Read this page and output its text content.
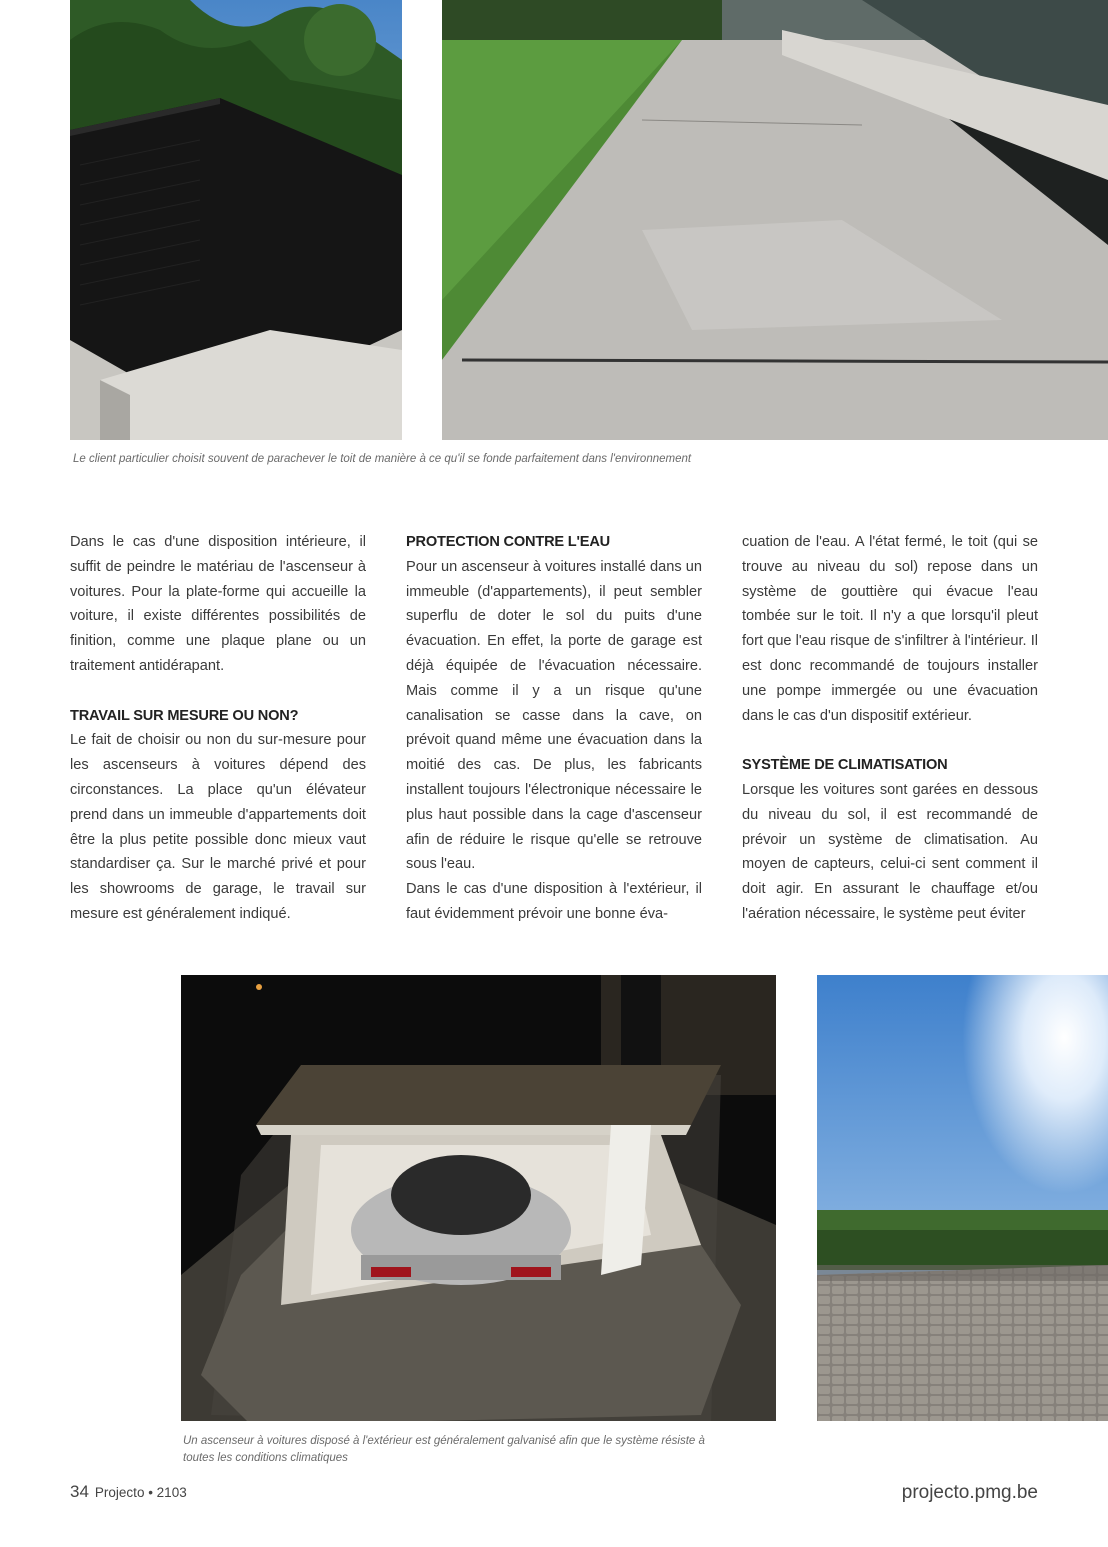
Le client particulier choisit souvent de parachever le toit de manière à ce qu'il se fonde parfaitement dans l'environnement

Dans le cas d'une disposition intérieure, il suffit de peindre le matériau de l'ascenseur à voitures. Pour la plate-forme qui accueille la voiture, il existe différentes possibilités de finition, comme une plaque plane ou un traitement antidérapant.

TRAVAIL SUR MESURE OU NON?

Le fait de choisir ou non du sur-mesure pour les ascenseurs à voitures dépend des circonstances. La place qu'un élévateur prend dans un immeuble d'appartements doit être la plus petite possible donc mieux vaut standardiser ça. Sur le marché privé et pour les showrooms de garage, le travail sur mesure est généralement indiqué.

PROTECTION CONTRE L'EAU

Pour un ascenseur à voitures installé dans un immeuble (d'appartements), il peut sembler superflu de doter le sol du puits d'une évacuation. En effet, la porte de garage est déjà équipée de l'évacuation nécessaire. Mais comme il y a un risque qu'une canalisation se casse dans la cave, on prévoit quand même une évacuation dans la moitié des cas. De plus, les fabricants installent toujours l'électronique nécessaire le plus haut possible dans la cage d'ascenseur afin de réduire le risque qu'elle se retrouve sous l'eau.

Dans le cas d'une disposition à l'extérieur, il faut évidemment prévoir une bonne éva-

cuation de l'eau. A l'état fermé, le toit (qui se trouve au niveau du sol) repose dans un système de gouttière qui évacue l'eau tombée sur le toit. Il n'y a que lorsqu'il pleut fort que l'eau risque de s'infiltrer à l'intérieur. Il est donc recommandé de toujours installer une pompe immergée ou une évacuation dans le cas d'un dispositif extérieur.

SYSTÈME DE CLIMATISATION

Lorsque les voitures sont garées en dessous du niveau du sol, il est recommandé de prévoir un système de climatisation. Au moyen de capteurs, celui-ci sent comment il doit agir. En assurant le chauffage et/ou l'aération nécessaire, le système peut éviter

Un ascenseur à voitures disposé à l'extérieur est généralement galvanisé afin que le système résiste à
toutes les conditions climatiques

34 Projecto • 2103	projecto.pmg.be
